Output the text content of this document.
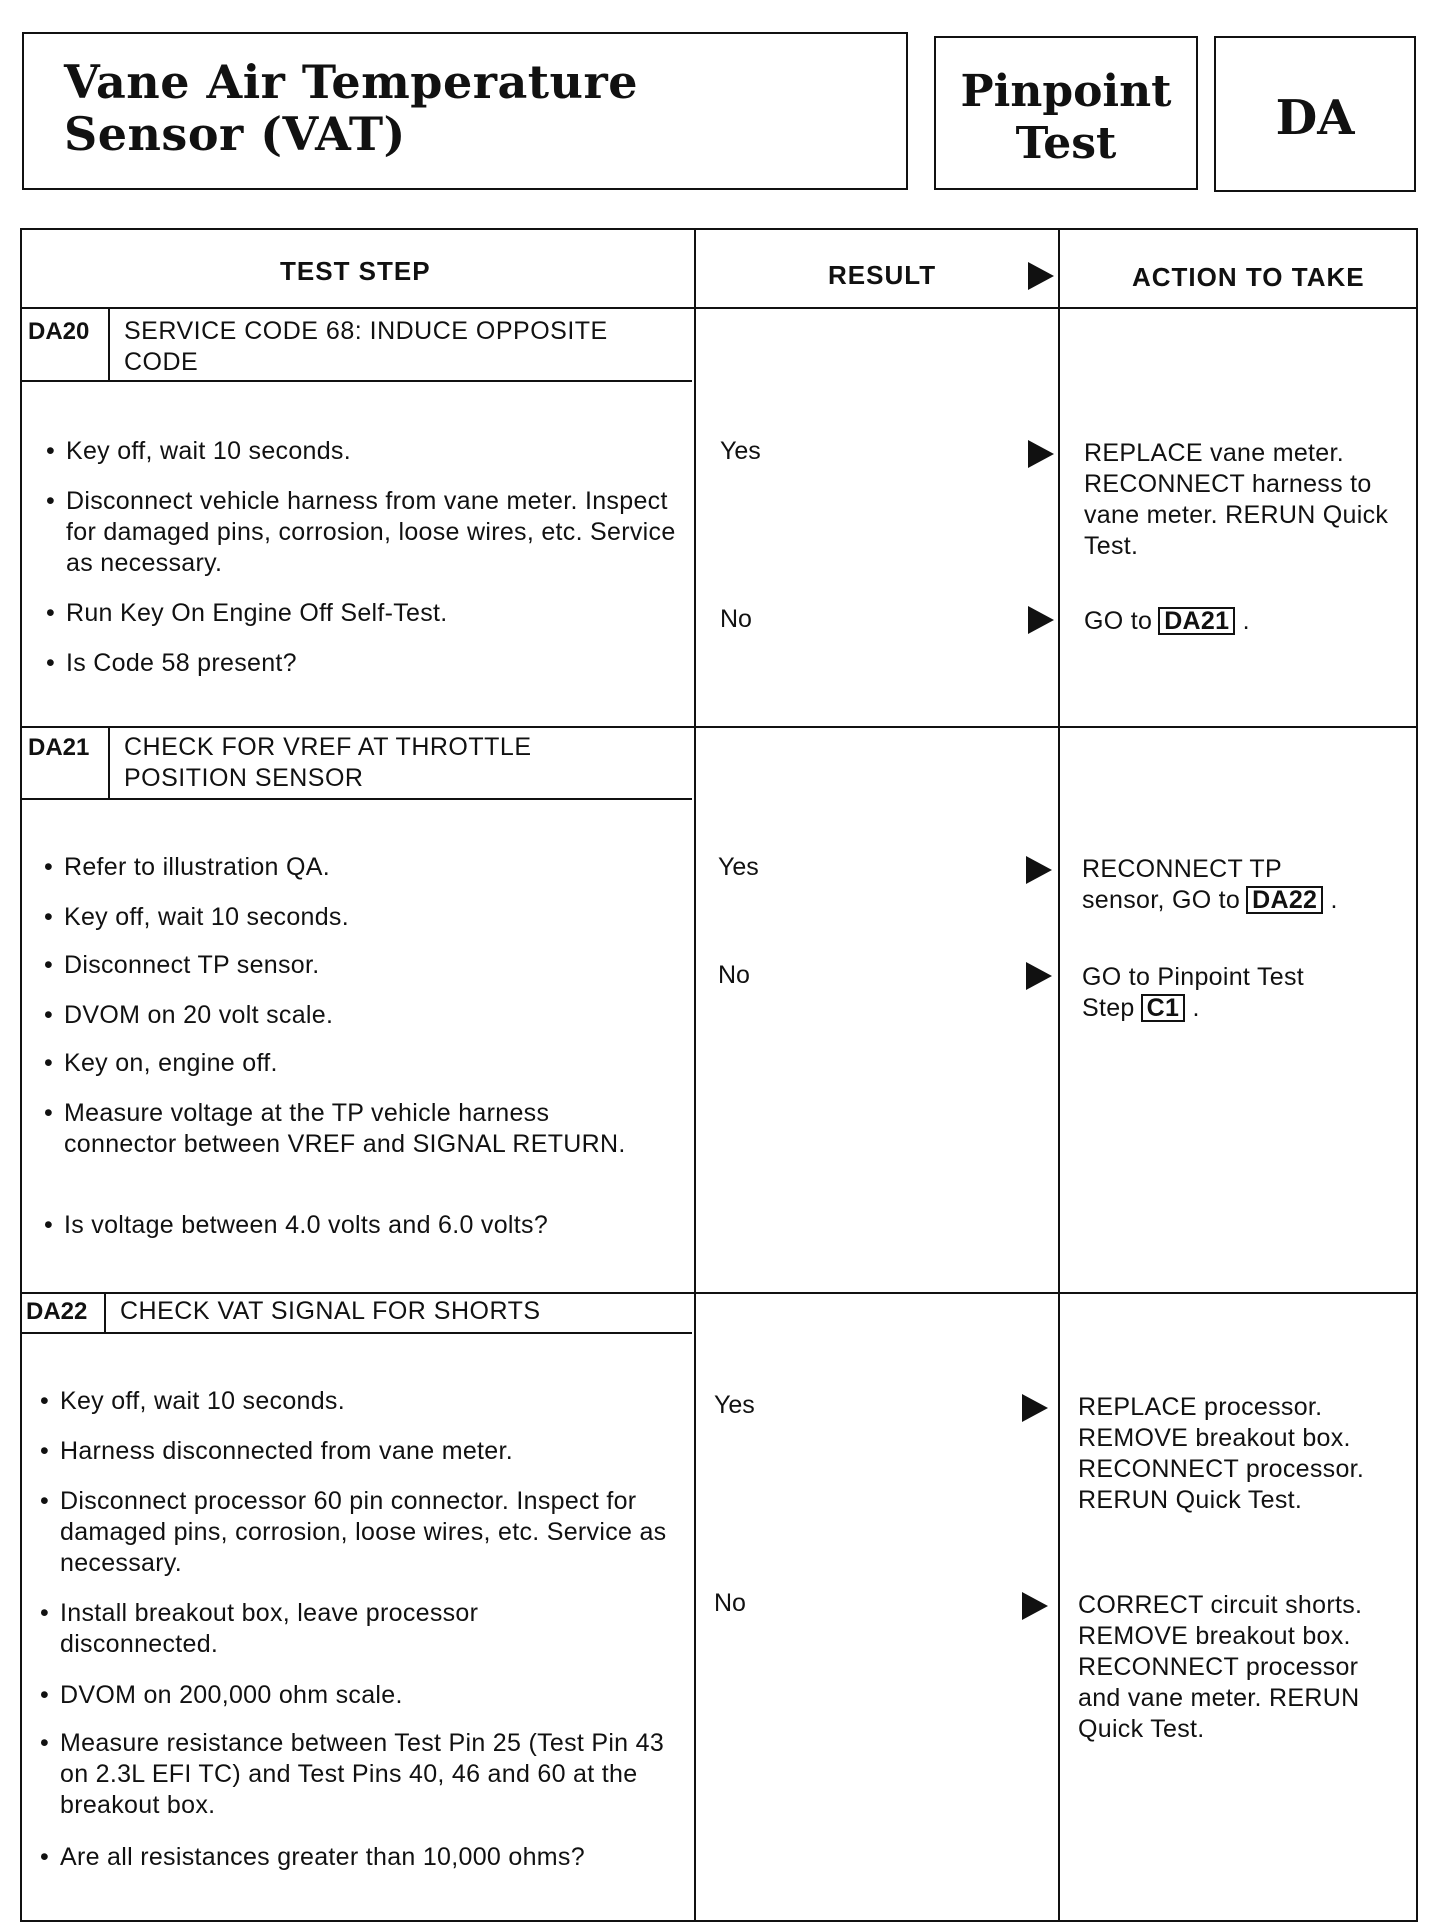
Vane Air Temperature
Sensor (VAT)
Pinpoint
Test	DA
TEST STEP	RESULT	ACTION TO TAKE
DA20 SERVICE CODE 68: INDUCE OPPOSITE
CODE
• Key off, wait 10 seconds.
• Disconnect vehicle harness from vane meter. Inspect for damaged pins, corrosion, loose wires, etc. Service as necessary.
• Run Key On Engine Off Self-Test.
• Is Code 58 present?
Yes	REPLACE vane meter. RECONNECT harness to vane meter. RERUN Quick Test.
No	GO to DA21 .
DA21 CHECK FOR VREF AT THROTTLE
POSITION SENSOR
• Refer to illustration QA.
• Key off, wait 10 seconds.
• Disconnect TP sensor.
• DVOM on 20 volt scale.
• Key on, engine off.
• Measure voltage at the TP vehicle harness connector between VREF and SIGNAL RETURN.
• Is voltage between 4.0 volts and 6.0 volts?
Yes	RECONNECT TP
sensor, GO to DA22 .
No	GO to Pinpoint Test
Step C1 .
DA22 CHECK VAT SIGNAL FOR SHORTS
• Key off, wait 10 seconds.
• Harness disconnected from vane meter.
• Disconnect processor 60 pin connector. Inspect for damaged pins, corrosion, loose wires, etc. Service as necessary.
• Install breakout box, leave processor disconnected.
• DVOM on 200,000 ohm scale.
• Measure resistance between Test Pin 25 (Test Pin 43 on 2.3L EFI TC) and Test Pins 40, 46 and 60 at the breakout box.
• Are all resistances greater than 10,000 ohms?
Yes	REPLACE processor. REMOVE breakout box. RECONNECT processor. RERUN Quick Test.
No	CORRECT circuit shorts. REMOVE breakout box. RECONNECT processor and vane meter. RERUN Quick Test.
